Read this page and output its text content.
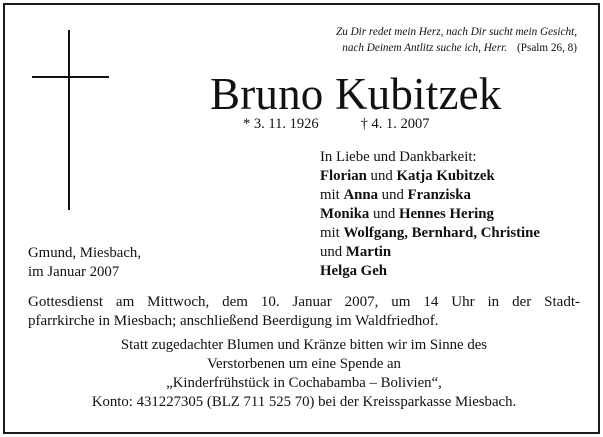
Zu Dir redet mein Herz, nach Dir sucht mein Gesicht,
nach Deinem Antlitz suche ich, Herr. (Psalm 26, 8)
Bruno Kubitzek
* 3. 11. 1926	† 4. 1. 2007
In Liebe und Dankbarkeit:
Florian und Katja Kubitzek
mit Anna und Franziska
Monika und Hennes Hering
mit Wolfgang, Bernhard, Christine
und Martin
Helga Geh
Gmund, Miesbach,
im Januar 2007
Gottesdienst am Mittwoch, dem 10. Januar 2007, um 14 Uhr in der Stadt-
pfarrkirche in Miesbach; anschließend Beerdigung im Waldfriedhof.
Statt zugedachter Blumen und Kränze bitten wir im Sinne des
Verstorbenen um eine Spende an
„Kinderfrühstück in Cochabamba – Bolivien“,
Konto: 431227305 (BLZ 711 525 70) bei der Kreissparkasse Miesbach.
